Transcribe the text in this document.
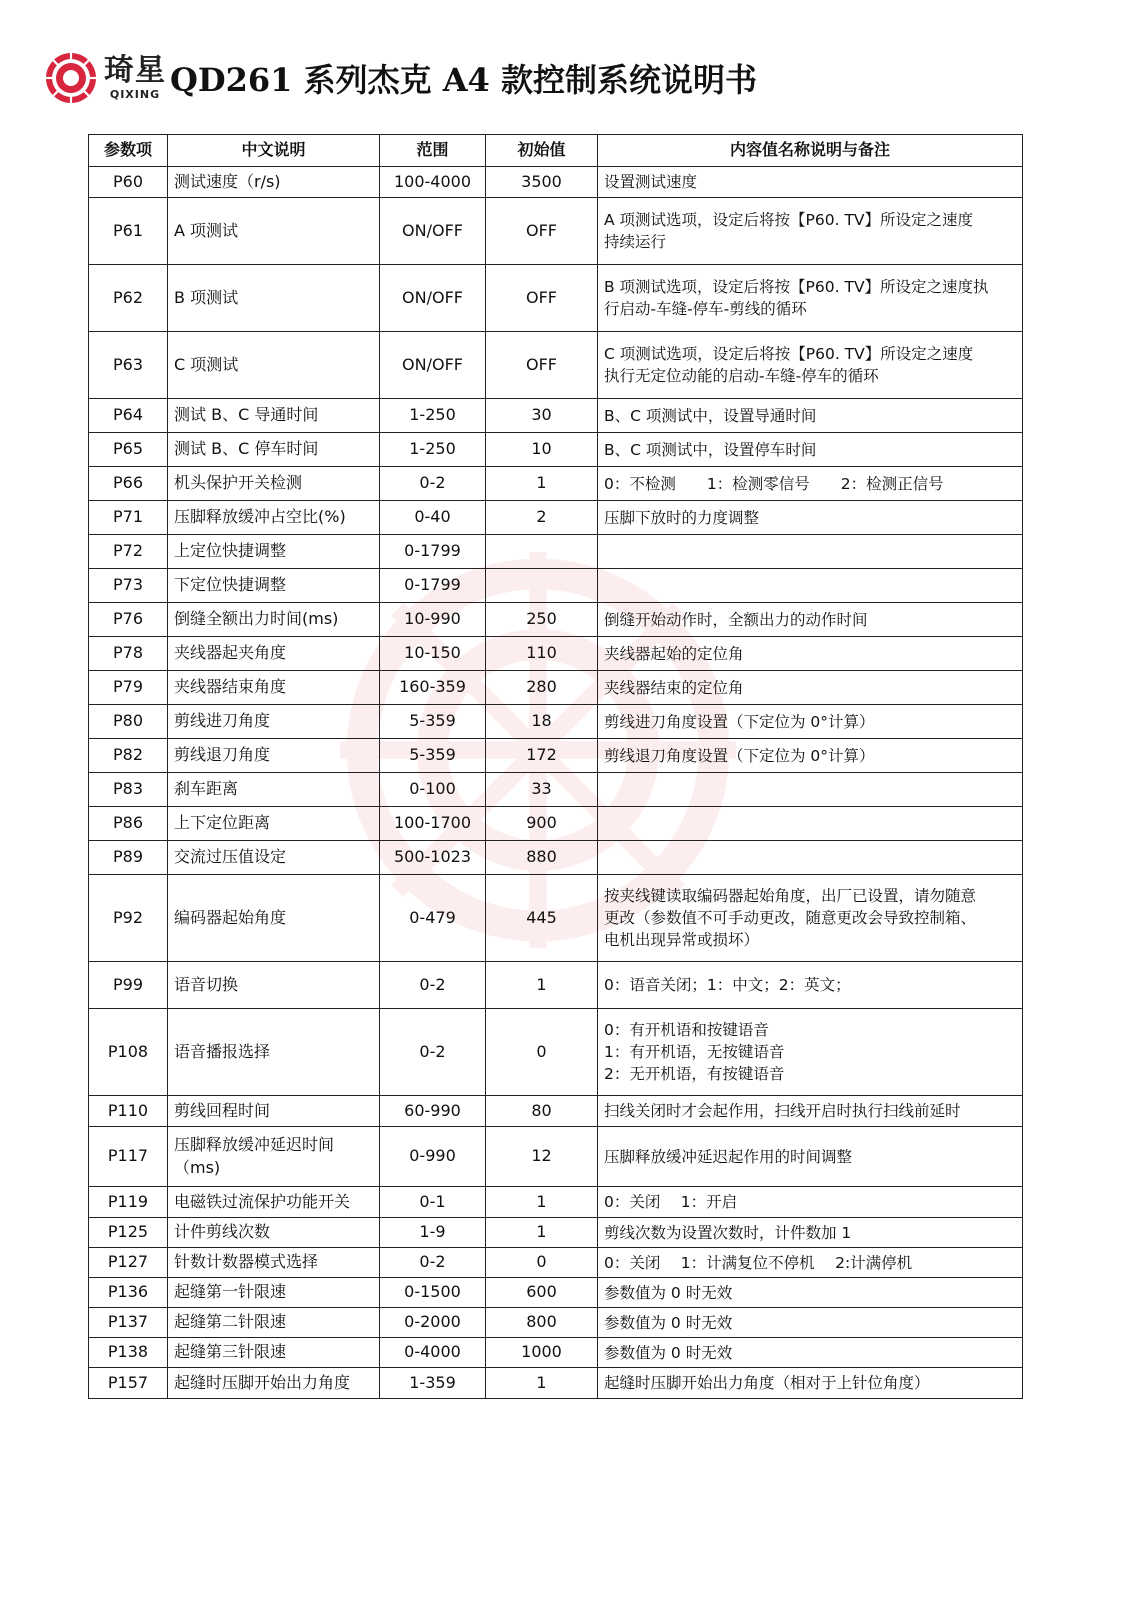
琦星
QIXING QD261 系列杰克 A4 款控制系统说明书
参数项	中文说明	范围	初始值	内容值名称说明与备注
P60	测试速度（r/s)	100-4000	3500	设置测试速度

P61	A 项测试	ON/OFF	OFF	A 项测试选项，设定后将按【P60. TV】所设定之速度
持续运行

P62	B 项测试	ON/OFF	OFF	B 项测试选项，设定后将按【P60. TV】所设定之速度执
行启动-车缝-停车-剪线的循环

P63	C 项测试	ON/OFF	OFF	C 项测试选项，设定后将按【P60. TV】所设定之速度
执行无定位动能的启动-车缝-停车的循环

P64	测试 B、C 导通时间	1-250	30	B、C 项测试中，设置导通时间

P65	测试 B、C 停车时间	1-250	10	B、C 项测试中，设置停车时间

P66	机头保护开关检测	0-2	1	0：不检测　　1：检测零信号　　2：检测正信号

P71	压脚释放缓冲占空比(%)	0-40	2	压脚下放时的力度调整

P72	上定位快捷调整	0-1799		

P73	下定位快捷调整	0-1799		

P76	倒缝全额出力时间(ms)	10-990	250	倒缝开始动作时，全额出力的动作时间

P78	夹线器起夹角度	10-150	110	夹线器起始的定位角

P79	夹线器结束角度	160-359	280	夹线器结束的定位角

P80	剪线进刀角度	5-359	18	剪线进刀角度设置（下定位为 0°计算）

P82	剪线退刀角度	5-359	172	剪线退刀角度设置（下定位为 0°计算）

P83	刹车距离	0-100	33	

P86	上下定位距离	100-1700	900	

P89	交流过压值设定	500-1023	880	

P92	编码器起始角度	0-479	445	按夹线键读取编码器起始角度，出厂已设置，请勿随意
更改（参数值不可手动更改，随意更改会导致控制箱、
电机出现异常或损坏）

P99	语音切换	0-2	1	0：语音关闭；1：中文；2：英文；

P108	语音播报选择	0-2	0	0：有开机语和按键语音
1：有开机语，无按键语音
2：无开机语，有按键语音

P110	剪线回程时间	60-990	80	扫线关闭时才会起作用，扫线开启时执行扫线前延时

P117	压脚释放缓冲延迟时间（ms)	0-990	12	压脚释放缓冲延迟起作用的时间调整

P119	电磁铁过流保护功能开关	0-1	1	0：关闭　 1：开启

P125	计件剪线次数	1-9	1	剪线次数为设置次数时，计件数加 1

P127	针数计数器模式选择	0-2	0	0：关闭　 1：计满复位不停机　 2:计满停机

P136	起缝第一针限速	0-1500	600	参数值为 0 时无效

P137	起缝第二针限速	0-2000	800	参数值为 0 时无效

P138	起缝第三针限速	0-4000	1000	参数值为 0 时无效

P157	起缝时压脚开始出力角度	1-359	1	起缝时压脚开始出力角度（相对于上针位角度）
